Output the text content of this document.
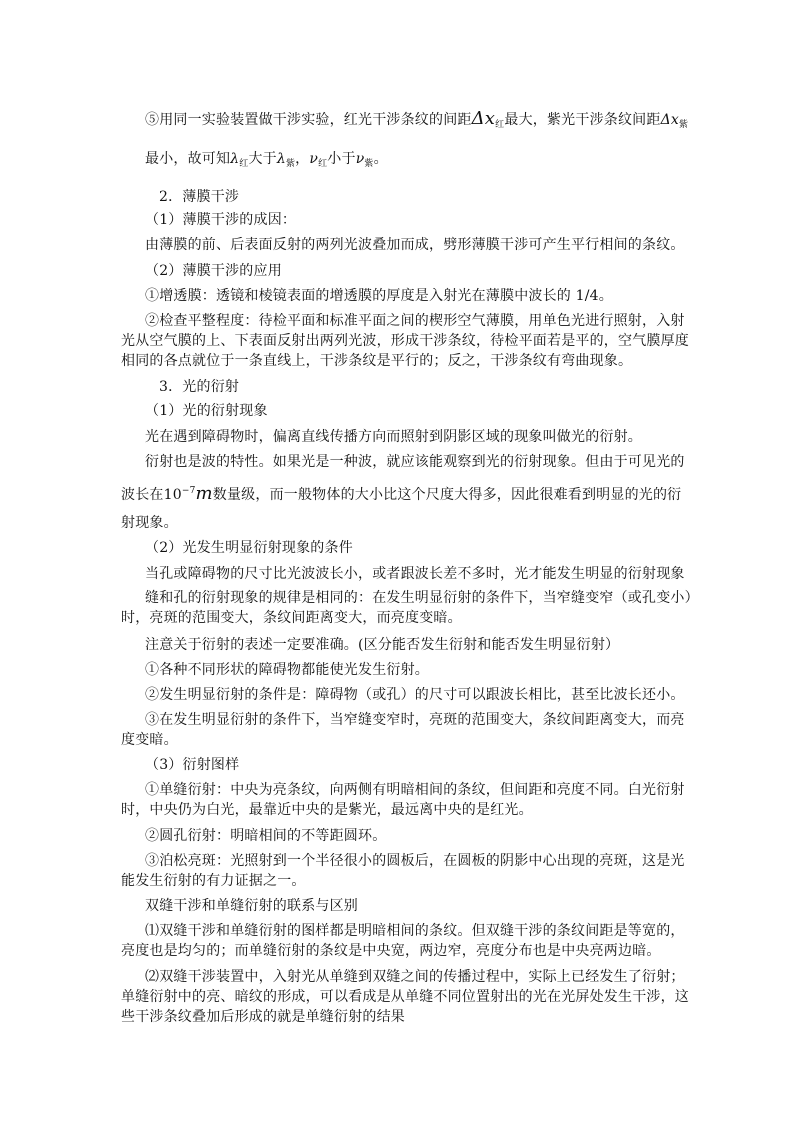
⑤用同一实验装置做干涉实验，红光干涉条纹的间距$\Delta x_红$最大，紫光干涉条纹间距$\Delta x_紫$
最小，故可知$\lambda_红$大于$\lambda_紫$，$\nu_红$小于$\nu_紫$。
2．薄膜干涉
（1）薄膜干涉的成因：
由薄膜的前、后表面反射的两列光波叠加而成，劈形薄膜干涉可产生平行相间的条纹。
（2）薄膜干涉的应用
①增透膜：透镜和棱镜表面的增透膜的厚度是入射光在薄膜中波长的 1/4。
②检查平整程度：待检平面和标准平面之间的楔形空气薄膜，用单色光进行照射，入射
光从空气膜的上、下表面反射出两列光波，形成干涉条纹，待检平面若是平的，空气膜厚度
相同的各点就位于一条直线上，干涉条纹是平行的；反之，干涉条纹有弯曲现象。
3．光的衍射
（1）光的衍射现象
光在遇到障碍物时，偏离直线传播方向而照射到阴影区域的现象叫做光的衍射。
衍射也是波的特性。如果光是一种波，就应该能观察到光的衍射现象。但由于可见光的
波长在$10^{-7}m$数量级，而一般物体的大小比这个尺度大得多，因此很难看到明显的光的衍
射现象。
（2）光发生明显衍射现象的条件
当孔或障碍物的尺寸比光波波长小，或者跟波长差不多时，光才能发生明显的衍射现象
缝和孔的衍射现象的规律是相同的：在发生明显衍射的条件下，当窄缝变窄（或孔变小）
时，亮斑的范围变大，条纹间距离变大，而亮度变暗。
注意关于衍射的表述一定要准确。(区分能否发生衍射和能否发生明显衍射）
①各种不同形状的障碍物都能使光发生衍射。
②发生明显衍射的条件是：障碍物（或孔）的尺寸可以跟波长相比，甚至比波长还小。
③在发生明显衍射的条件下，当窄缝变窄时，亮斑的范围变大，条纹间距离变大，而亮
度变暗。
（3）衍射图样
①单缝衍射：中央为亮条纹，向两侧有明暗相间的条纹，但间距和亮度不同。白光衍射
时，中央仍为白光，最靠近中央的是紫光，最远离中央的是红光。
②圆孔衍射：明暗相间的不等距圆环。
③泊松亮斑：光照射到一个半径很小的圆板后，在圆板的阴影中心出现的亮斑，这是光
能发生衍射的有力证据之一。
双缝干涉和单缝衍射的联系与区别
⑴双缝干涉和单缝衍射的图样都是明暗相间的条纹。但双缝干涉的条纹间距是等宽的，
亮度也是均匀的；而单缝衍射的条纹是中央宽，两边窄，亮度分布也是中央亮两边暗。
⑵双缝干涉装置中，入射光从单缝到双缝之间的传播过程中，实际上已经发生了衍射；
单缝衍射中的亮、暗纹的形成，可以看成是从单缝不同位置射出的光在光屏处发生干涉，这
些干涉条纹叠加后形成的就是单缝衍射的结果
